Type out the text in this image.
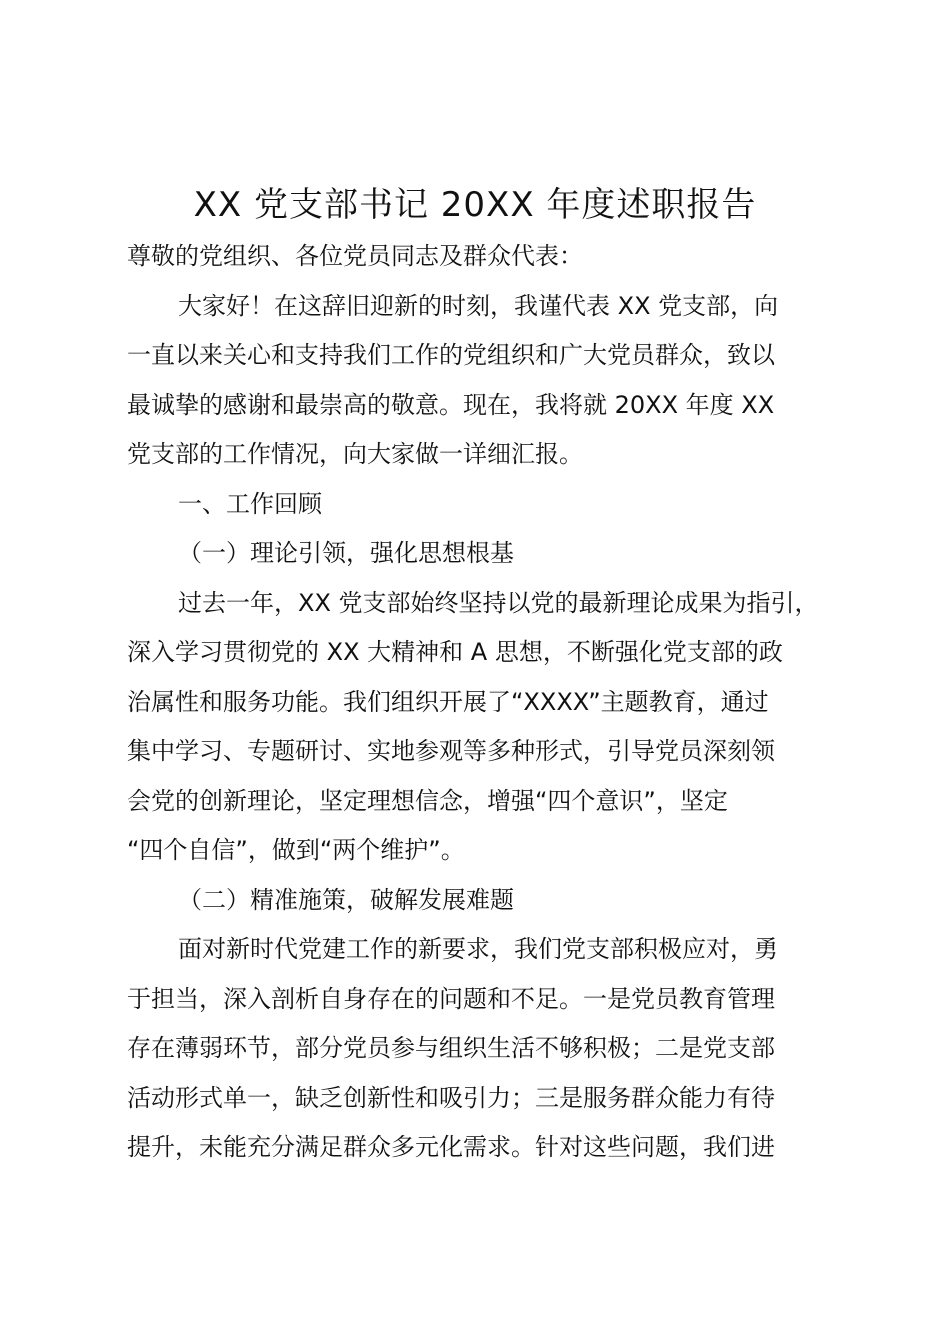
XX 党支部书记 20XX 年度述职报告
尊敬的党组织、各位党员同志及群众代表：
大家好！在这辞旧迎新的时刻，我谨代表 XX 党支部，向
一直以来关心和支持我们工作的党组织和广大党员群众，致以
最诚挚的感谢和最崇高的敬意。现在，我将就 20XX 年度 XX
党支部的工作情况，向大家做一详细汇报。
一、工作回顾
（一）理论引领，强化思想根基
过去一年，XX 党支部始终坚持以党的最新理论成果为指引，
深入学习贯彻党的 XX 大精神和 A 思想，不断强化党支部的政
治属性和服务功能。我们组织开展了“XXXX”主题教育，通过
集中学习、专题研讨、实地参观等多种形式，引导党员深刻领
会党的创新理论，坚定理想信念，增强“四个意识”，坚定
“四个自信”，做到“两个维护”。
（二）精准施策，破解发展难题
面对新时代党建工作的新要求，我们党支部积极应对，勇
于担当，深入剖析自身存在的问题和不足。一是党员教育管理
存在薄弱环节，部分党员参与组织生活不够积极；二是党支部
活动形式单一，缺乏创新性和吸引力；三是服务群众能力有待
提升，未能充分满足群众多元化需求。针对这些问题，我们进
